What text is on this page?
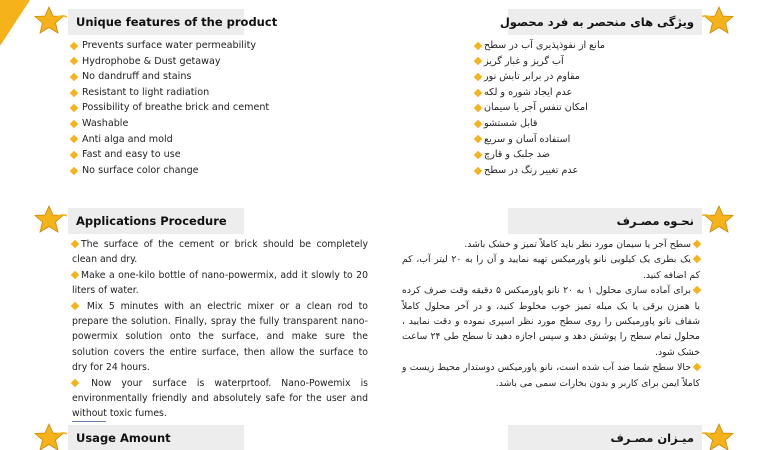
Unique features of the product
Prevents surface water permeability
Hydrophobe & Dust getaway
No dandruff and stains
Resistant to light radiation
Possibility of breathe brick and cement
Washable
Anti alga and mold
Fast and easy to use
No surface color change
ویژگی های منحصر به فرد محصول
مانع از نفوذپذیری آب در سطح
آب گریز و غبار گریز
مقاوم در برابر تابش نور
عدم ایجاد شوره و لکه
امکان تنفس آجر یا سیمان
قابل شستشو
استفاده آسان و سریع
ضد جلبک و قارچ
عدم تغییر رنگ در سطح
Applications Procedure

The surface of the cement or brick should be completely clean and dry.

Make a one-kilo bottle of nano-powermix, add it slowly to 20 liters of water.

Mix 5 minutes with an electric mixer or a clean rod to prepare the solution. Finally, spray the fully transparent nano-powermix solution onto the surface, and make sure the solution covers the entire surface, then allow the surface to dry for 24 hours.

Now your surface is waterprtoof. Nano-Powemix is environmentally friendly and absolutely safe for the user and without toxic fumes.

نحـوه مصـرف

سطح آجر یا سیمان مورد نظر باید کاملاً تمیز و خشک باشد.

یک بطری یک کیلویی نانو پاورمیکس تهیه نمایید و آن را به ۲۰ لیتر آب، کم کم اضافه کنید.

برای آماده سازی محلول ۱ به ۲۰ نانو پاورمیکس ۵ دقیقه وقت صرف کرده یا همزن برقی یا یک میله تمیز خوب مخلوط کنید، و در آخر محلول کاملاً شفاف نانو پاورمیکس را روی سطح مورد نظر اسپری نموده و دقت نمایید ، محلول تمام سطح را پوشش دهد و سپس اجازه دهید تا سطح طی ۲۴ ساعت خشک شود.

حالا سطح شما ضد آب شده است، نانو پاورمیکس دوستدار محیط زیست و کاملاً ایمن برای کاربر و بدون بخارات سمی می باشد.

Usage Amount	میـزان مصـرف
